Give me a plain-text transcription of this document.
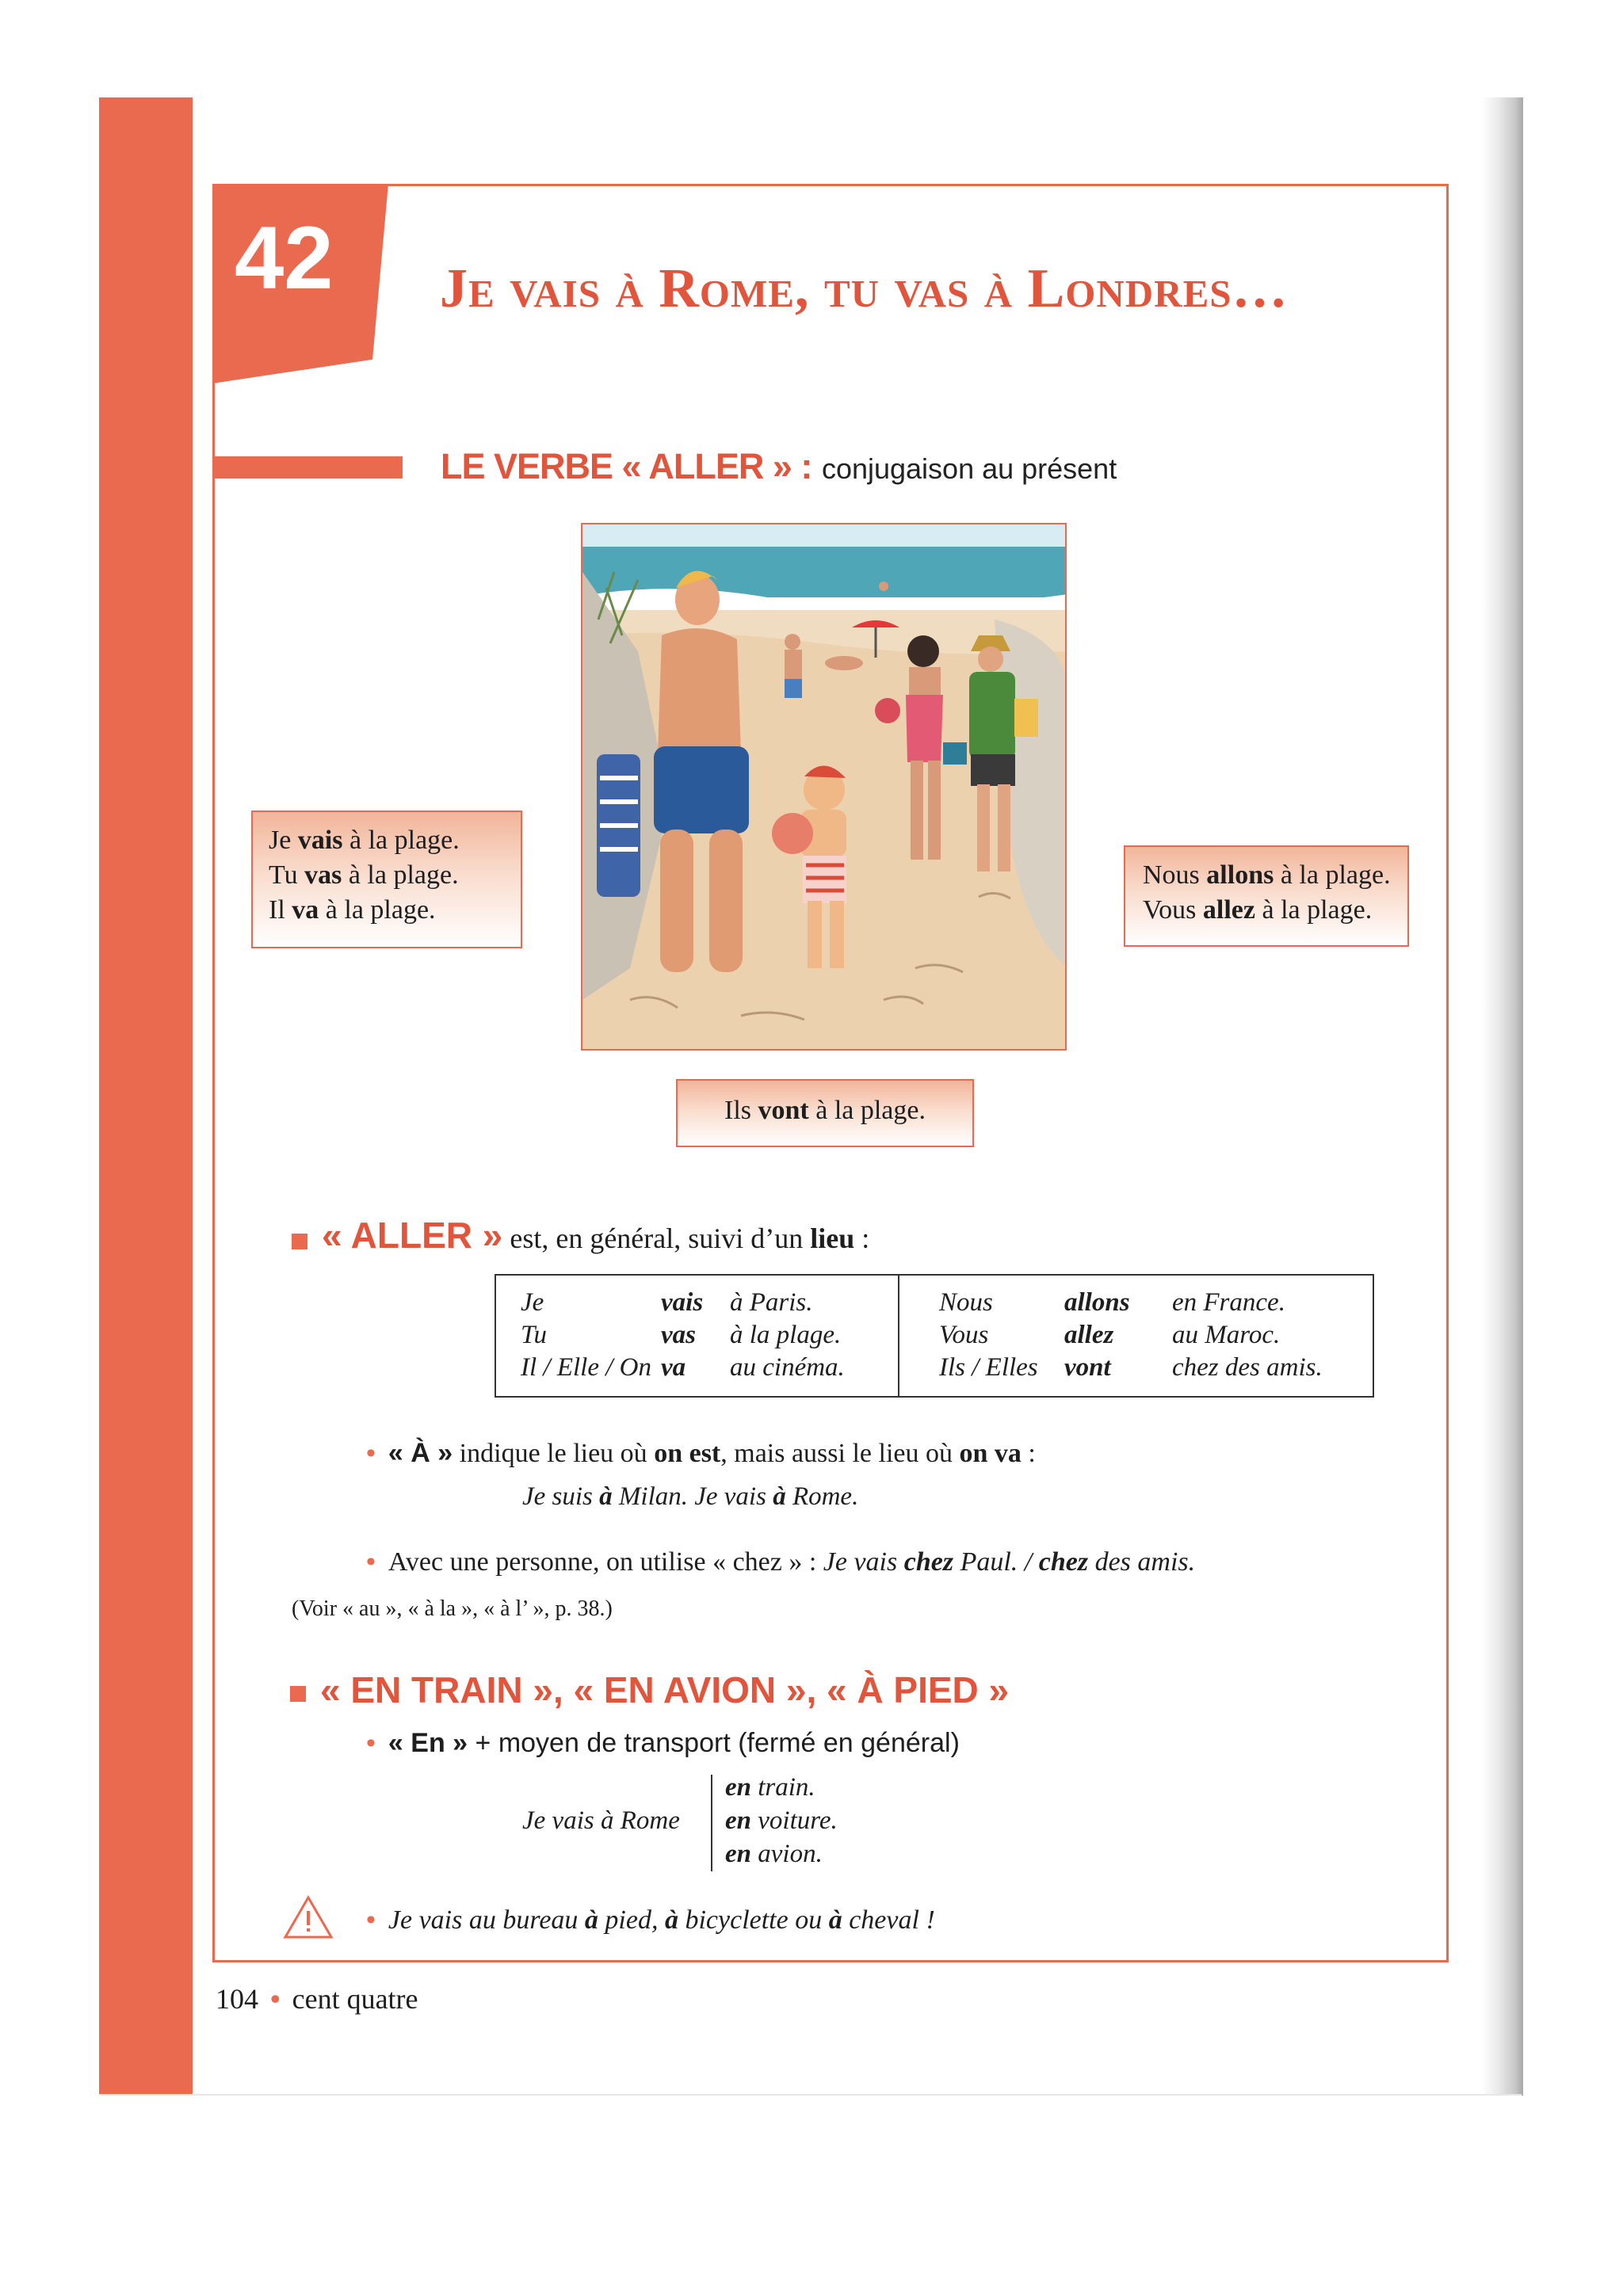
42 Je vais à Rome, tu vas à Londres…
LE VERBE « ALLER » : conjugaison au présent
Je vais à la plage.
Tu vas à la plage.
Il va à la plage.
Nous allons à la plage.
Vous allez à la plage.
Ils vont à la plage.
« ALLER » est, en général, suivi d’un lieu :
Je	vais à Paris.
Tu	vas à la plage.
Il / Elle / On va au cinéma.
Nous	allons en France.
Vous	allez au Maroc.
Ils / Elles vont chez des amis.
• « À » indique le lieu où on est, mais aussi le lieu où on va :
Je suis à Milan. Je vais à Rome.
• Avec une personne, on utilise « chez » : Je vais chez Paul. / chez des amis.
(Voir « au », « à la », « à l’ », p. 38.)
« EN TRAIN », « EN AVION », « À PIED »
• « En » + moyen de transport (fermé en général)
Je vais à Rome
en train.
en voiture.
en avion.
• Je vais au bureau à pied, à bicyclette ou à cheval !
104 • cent quatre
